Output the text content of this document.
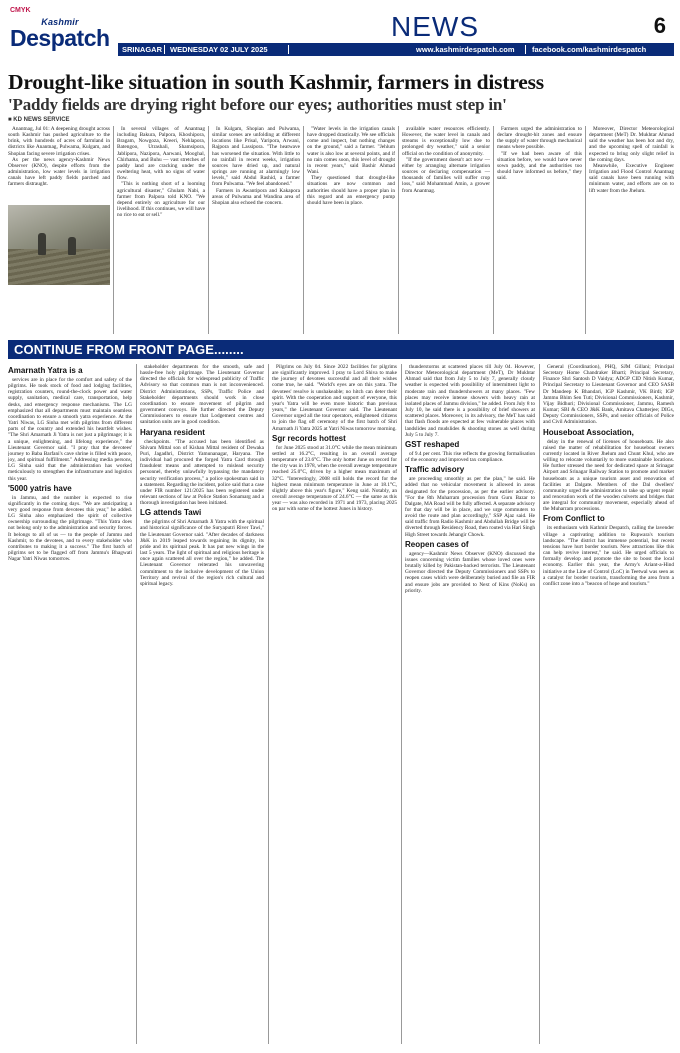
CMYK
Kashmir
Despatch	NEWS	6
SRINAGAR WEDNESDAY 02 JULY 2025	www.kashmirdespatch.com facebook.com/kashmirdespatch
Drought-like situation in south Kashmir, farmers in distress
'Paddy fields are drying right before our eyes; authorities must step in'
■ KD NEWS SERVICE

Anantnag, Jul 01: A deepening drought across south Kashmir has pushed agriculture to the brink, with hundreds of acres of farmland in districts like Anantnag, Pulwama, Kulgam, and Shopian facing severe irrigation crises.

As per the news agency-Kashmir News Observer (KNO), despite efforts from the administration, low water levels in irrigation canals have left paddy fields parched and farmers distraught.

In several villages of Anantnag including Bakura, Palpora, Khoshipora, Bragam, Nowgoza, Kreeri, Nehlapora, Batengoo, Utrashali, Shamsipora, Jablipora, Nazipora, Aarwani, Mooghal, Chirhama, and Buhu — vast stretches of paddy land are cracking under the sweltering heat, with no signs of water flow.

"This is nothing short of a looming agricultural disaster," Ghulam Nabi, a farmer from Palpora told KNO. "We depend entirely on agriculture for our livelihood. If this continues, we will have no rice to eat or sell."

In Kulgam, Shopian and Pulwama, similar scenes are unfolding at different locations like Prisal, Yaripora, Arwani, Rajpora and Lassipora. "The heatwave has worsened the situation. With little to no rainfall in recent weeks, irrigation sources have dried up, and natural springs are running at alarmingly low levels," said Abdul Rashid, a farmer from Pulwama. "We feel abandoned."

Farmers in Awantipora and Kakapora areas of Pulwama and Wandina area of Shopian also echoed the concern.

"Water levels in the irrigation canals have dropped drastically. We see officials come and inspect, but nothing changes on the ground," said a farmer. "Jehlum water is also low at several points, and if no rain comes soon, this level of drought in recent years," said Bashir Ahmad Wani.

They questioned that drought-like situations are now common and authorities should have a proper plan in this regard and an emergency pump should have been in place.

available water resources efficiently. However, the water level in canals and streams is exceptionally low due to prolonged dry weather," said a senior official on the condition of anonymity.

"If the government doesn't act now — either by arranging alternate irrigation sources or declaring compensation — thousands of families will suffer crop loss," said Mohammad Amin, a grower from Anantnag.

Farmers urged the administration to declare drought-hit zones and ensure the supply of water through mechanical means where possible.

"If we had been aware of this situation before, we would have never sown paddy, and the authorities too should have informed us before," they said.

Moreover, Director Meteorological department (MeT) Dr. Mukhtar Ahmad said the weather has been hot and dry, and the upcoming spell of rainfall is expected to bring only slight relief in the coming days.

Meanwhile, Executive Engineer Irrigation and Flood Control Anantnag said canals have been running with minimum water, and efforts are on to lift water from the Jhelum.

CONTINUE FROM FRONT PAGE........
Amarnath Yatra is a

services are in place for the comfort and safety of the pilgrims. He took stock of food and lodging facilities, registration counters, round-the-clock power and water supply, sanitation, medical care, transportation, help desks, and emergency response mechanisms. The LG emphasized that all departments must maintain seamless coordination to ensure a smooth yatra experience. At the Yatri Niwas, LG Sinha met with pilgrims from different parts of the country and extended his heartfelt wishes. "The Shri Amarnath Ji Yatra is not just a pilgrimage; it is a unique, enlightening, and lifelong experience," the Lieutenant Governor said. "I pray that the devotees' journey to Baba Barfani's cave shrine is filled with peace, joy, and spiritual fulfillment." Addressing media persons, LG Sinha said that the administration has worked meticulously to strengthen the infrastructure and logistics this year.

'5000 yatris have

in Jammu, and the number is expected to rise significantly in the coming days. "We are anticipating a very good response from devotees this year," he added. LG Sinha also emphasized the spirit of collective ownership surrounding the pilgrimage. "This Yatra does not belong only to the administration and security forces. It belongs to all of us — to the people of Jammu and Kashmir, to the devotees, and to every stakeholder who contributes to making it a success." The first batch of pilgrims set to be flagged off from Jammu's Bhagwati Nagar Yatri Niwas tomorrow.

stakeholder departments for the smooth, safe and hassle-free holy pilgrimage. The Lieutenant Governor directed the officials for widespread publicity of Traffic Advisory so that common man is not inconvenienced. District Administrations, SSPs, Traffic Police and Stakeholder departments should work in close coordination to ensure movement of pilgrim and government convoys. He further directed the Deputy Commissioners to ensure that Lodgement centres and sanitation units are in good condition.

Haryana resident

checkpoints. "The accused has been identified as Shivam Mittal son of Kishan Mittal resident of Dewaka Puri, Jagadhri, District Yamunanagar, Haryana. The individual had procured the forged Yatra Card through fraudulent means and attempted to mislead security personnel, thereby unlawfully bypassing the mandatory security verification process," a police spokesman said in a statement. Regarding the incident, police said that a case under FIR number 121/2025 has been registered under relevant sections of law at Police Station Sonamarg and a thorough investigation has been initiated.

LG attends Tawi

the pilgrims of Shri Amarnath Ji Yatra with the spiritual and historical significance of the Suryaputri River Tawi," the Lieutenant Governor said. "After decades of darkness J&K in 2019 leaped towards regaining its dignity, its pride and its spiritual peak. It has put new wings in the last 5 years. The light of spiritual and religious heritage is once again scattered all over the region," he added. The Lieutenant Governor reiterated his unwavering commitment to the inclusive development of the Union Territory and revival of the region's rich cultural and spiritual legacy.

Pilgrims on July 04. Since 2022 facilities for pilgrims are significantly improved. I pray to Lord Shiva to make the journey of devotees successful and all their wishes come true, he said. "World's eyes are on this yatra. The devotees' resolve is unshakeable; no hitch can deter their spirit. With the cooperation and support of everyone, this year's Yatra will be even more historic than previous years," the Lieutenant Governor said. The Lieutenant Governor urged all the tour operators, enlightened citizens to join the flag off ceremony of the first batch of Shri Amarnath Ji Yatra 2025 at Yatri Niwas tomorrow morning.

Sgr records hottest

for June 2025 stood at 31.0°C while the mean minimum settled at 16.2°C, resulting in an overall average temperature of 23.6°C. The only hotter June on record for the city was in 1978, when the overall average temperature reached 25.0°C, driven by a higher mean maximum of 32°C. "Interestingly, 2008 still holds the record for the highest mean minimum temperature in June at 18.1°C, slightly above this year's figure," Keng said. Notably, an overall average temperature of 24.6°C — the same as this year — was also recorded in 1971 and 1973, placing 2025 on par with some of the hottest Junes in history.

thunderstorms at scattered places till July 04. However, Director Meteorological department (MeT), Dr Mukhtar Ahmad said that from July 5 to July 7, generally cloudy weather is expected with possibility of intermittent light to moderate rain and thundershowers at many places. "Few places may receive intense showers with heavy rain at isolated places of Jammu division," he added. From July 8 to July 10, he said there is a possibility of brief showers at scattered places. Moreover, in its advisory, the MeT has said that flash floods are expected at few vulnerable places with landslides and mudslides & shooting stones as well during July 5 to July 7.

GST reshaped

of 9.4 per cent. This rise reflects the growing formalisation of the economy and improved tax compliance.

Traffic advisory

are proceeding smoothly as per the plan," he said. He added that no vehicular movement is allowed in areas designated for the procession, as per the earlier advisory. "For the 8th Muharram procession from Guru Bazar to Dalgate, MA Road will be fully affected. A separate advisory for that day will be in place, and we urge commuters to avoid the route and plan accordingly," SSP Ajaz said. He said traffic from Radio Kashmir and Abdullah Bridge will be diverted through Residency Road, then routed via Hari Singh High Street towards Jehangir Chowk.

Reopen cases of

agency—Kashmir News Observer (KNO) discussed the issues concerning victim families whose loved ones were brutally killed by Pakistan-backed terrorists. The Lieutenant Governor directed the Deputy Commissioners and SSPs to reopen cases which were deliberately buried and file an FIR and ensure jobs are provided to Next of Kins (NoKs) on priority.

General (Coordination), PHQ, SJM Gillani; Principal Secretary Home Chandraker Bharti; Principal Secretary, Finance Shri Santosh D Vaidya; ADGP CID Nitish Kumar, Principal Secretary to Lieutenant Governor and CEO SASB Dr Mandeep K Bhandari, IGP Kashmir, VK Birdi; IGP Jammu Bhim Sen Tuti; Divisional Commissioners, Kashmir, Vijay Bidhuri; Divisional Commissioner, Jammu, Ramesh Kumar; SBI & CEO J&K Bank, Amitava Chatterjee; DIGs, Deputy Commissioners, SSPs, and senior officials of Police and Civil Administration.

Houseboat Association,

delay in the renewal of licenses of houseboats. He also raised the matter of rehabilitation for houseboat owners currently located in River Jhelum and Chunt Khul, who are willing to relocate voluntarily to more sustainable locations. He further stressed the need for dedicated space at Srinagar Airport and Srinagar Railway Station to promote and market houseboats as a unique tourism asset and renovation of facilities at Dalgate. Members of the Dal dwellers' community urged the administration to take up urgent repair and renovation work of the wooden culverts and bridges that are integral for community movement, especially ahead of the Muharram processions.

From Conflict to

its enthusiasm with Kathmir Despatch, calling the lavender village a captivating addition to Rupwara's tourism landscape. "The district has immense potential, but recent tensions have hurt border tourism. New attractions like this can help revive interest," he said. He urged officials to formally develop and promote the site to boost the local economy. Earlier this year, the Army's Ariant-a-Hind initiative at the Line of Control (LoC) in Teetwal was seen as a catalyst for border tourism, transforming the area from a conflict zone into a "beacon of hope and tourism."
